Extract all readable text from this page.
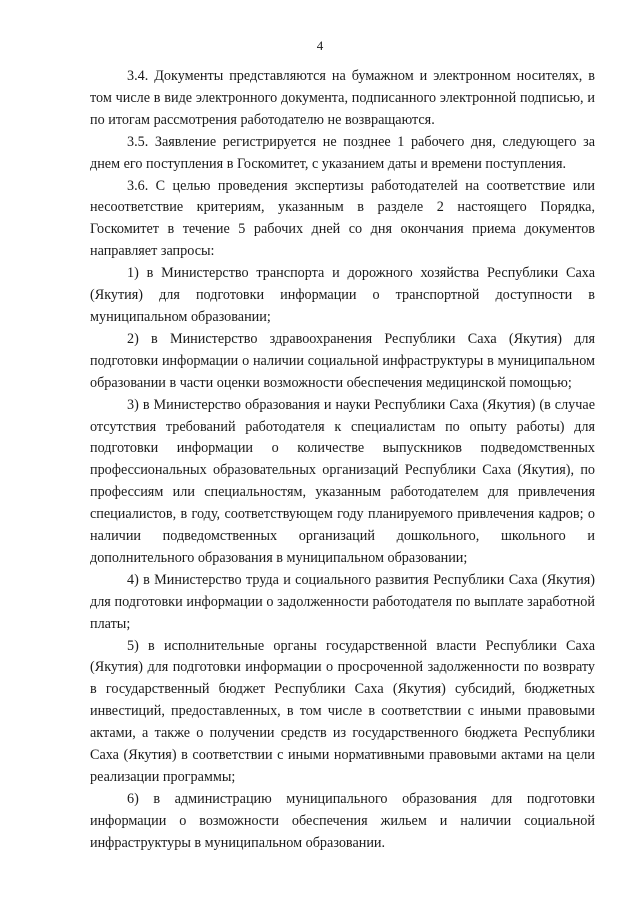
4

3.4. Документы представляются на бумажном и электронном носителях, в том числе в виде электронного документа, подписанного электронной подписью, и по итогам рассмотрения работодателю не возвращаются.

3.5. Заявление регистрируется не позднее 1 рабочего дня, следующего за днем его поступления в Госкомитет, с указанием даты и времени поступления.

3.6. С целью проведения экспертизы работодателей на соответствие или несоответствие критериям, указанным в разделе 2 настоящего Порядка, Госкомитет в течение 5 рабочих дней со дня окончания приема документов направляет запросы:

1) в Министерство транспорта и дорожного хозяйства Республики Саха (Якутия) для подготовки информации о транспортной доступности в муниципальном образовании;

2) в Министерство здравоохранения Республики Саха (Якутия) для подготовки информации о наличии социальной инфраструктуры в муниципальном образовании в части оценки возможности обеспечения медицинской помощью;

3) в Министерство образования и науки Республики Саха (Якутия) (в случае отсутствия требований работодателя к специалистам по опыту работы) для подготовки информации о количестве выпускников подведомственных профессиональных образовательных организаций Республики Саха (Якутия), по профессиям или специальностям, указанным работодателем для привлечения специалистов, в году, соответствующем году планируемого привлечения кадров; о наличии подведомственных организаций дошкольного, школьного и дополнительного образования в муниципальном образовании;

4) в Министерство труда и социального развития Республики Саха (Якутия) для подготовки информации о задолженности работодателя по выплате заработной платы;

5) в исполнительные органы государственной власти Республики Саха (Якутия) для подготовки информации о просроченной задолженности по возврату в государственный бюджет Республики Саха (Якутия) субсидий, бюджетных инвестиций, предоставленных, в том числе в соответствии с иными правовыми актами, а также о получении средств из государственного бюджета Республики Саха (Якутия) в соответствии с иными нормативными правовыми актами на цели реализации программы;

6) в администрацию муниципального образования для подготовки информации о возможности обеспечения жильем и наличии социальной инфраструктуры в муниципальном образовании.
